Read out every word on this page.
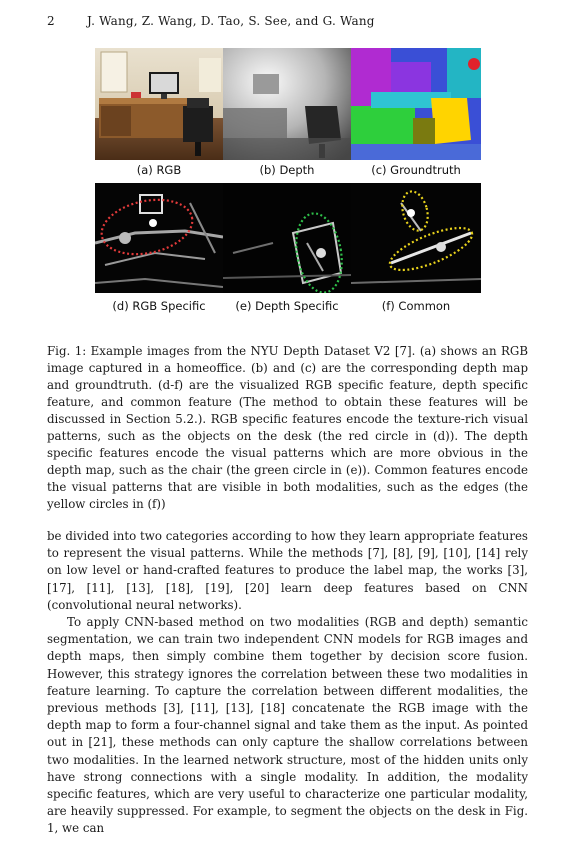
2	J. Wang, Z. Wang, D. Tao, S. See, and G. Wang
(a) RGB	(b) Depth	(c) Groundtruth
(d) RGB Specific	(e) Depth Specific	(f) Common
Fig. 1: Example images from the NYU Depth Dataset V2 [7]. (a) shows an RGB image captured in a homeoffice. (b) and (c) are the corresponding depth map and groundtruth. (d-f) are the visualized RGB specific feature, depth specific feature, and common feature (The method to obtain these features will be discussed in Section 5.2.). RGB specific features encode the texture-rich visual patterns, such as the objects on the desk (the red circle in (d)). The depth specific features encode the visual patterns which are more obvious in the depth map, such as the chair (the green circle in (e)). Common features encode the visual patterns that are visible in both modalities, such as the edges (the yellow circles in (f))

be divided into two categories according to how they learn appropriate features to represent the visual patterns. While the methods [7], [8], [9], [10], [14] rely on low level or hand-crafted features to produce the label map, the works [3], [17], [11], [13], [18], [19], [20] learn deep features based on CNN (convolutional neural networks).

To apply CNN-based method on two modalities (RGB and depth) semantic segmentation, we can train two independent CNN models for RGB images and depth maps, then simply combine them together by decision score fusion. However, this strategy ignores the correlation between these two modalities in feature learning. To capture the correlation between different modalities, the previous methods [3], [11], [13], [18] concatenate the RGB image with the depth map to form a four-channel signal and take them as the input. As pointed out in [21], these methods can only capture the shallow correlations between two modalities. In the learned network structure, most of the hidden units only have strong connections with a single modality. In addition, the modality specific features, which are very useful to characterize one particular modality, are heavily suppressed. For example, to segment the objects on the desk in Fig. 1, we can
